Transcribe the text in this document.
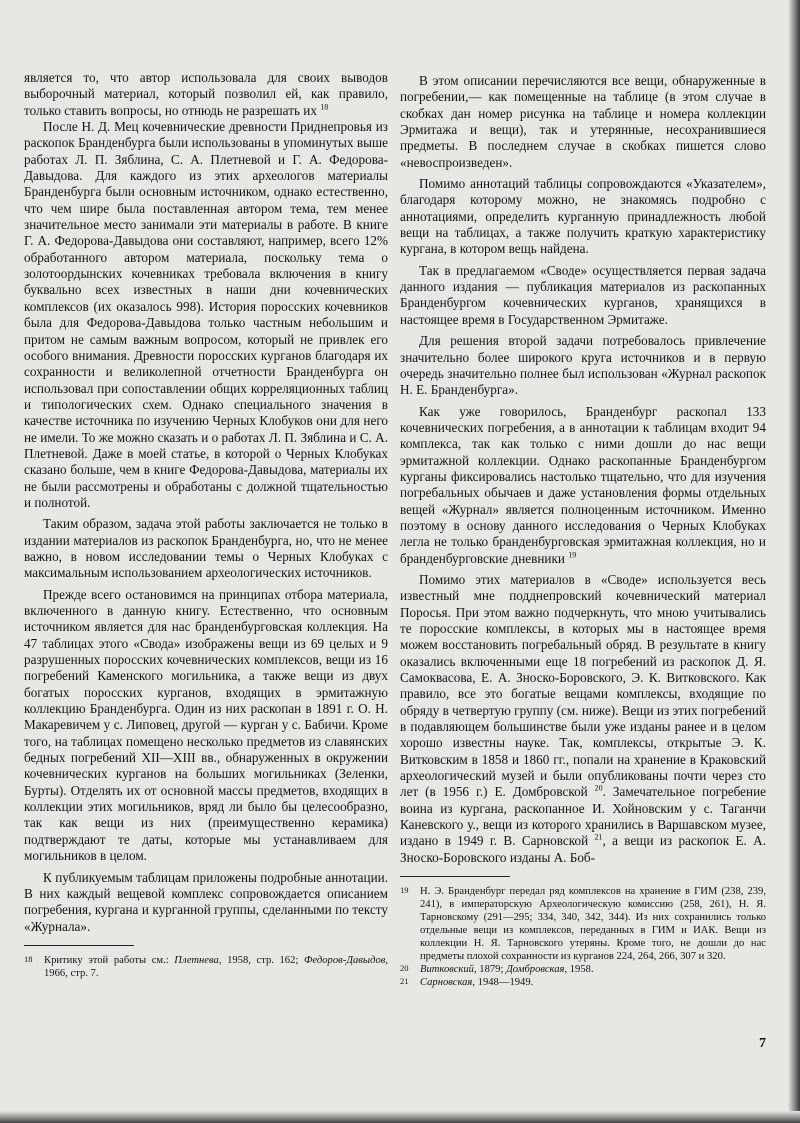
является то, что автор использовала для своих выводов выборочный материал, который позволил ей, как правило, только ставить вопросы, но отнюдь не разрешать их $^{18}$

После Н. Д. Мец кочевнические древности Приднепровья из раскопок Бранденбурга были использованы в упоминутых выше работах Л. П. Зяблина, С. А. Плетневой и Г. А. Федорова-Давыдова. Для каждого из этих археологов материалы Бранденбурга были основным источником, однако естественно, что чем шире была поставленная автором тема, тем менее значительное место занимали эти материалы в работе. В книге Г. А. Федорова-Давыдова они составляют, например, всего 12% обработанного автором материала, поскольку тема о золотоордынских кочевниках требовала включения в книгу буквально всех известных в наши дни кочевнических комплексов (их оказалось 998). История поросских кочевников была для Федорова-Давыдова только частным небольшим и притом не самым важным вопросом, который не привлек его особого внимания. Древности поросских курганов благодаря их сохранности и великолепной отчетности Бранденбурга он использовал при сопоставлении общих корреляционных таблиц и типологических схем. Однако специального значения в качестве источника по изучению Черных Клобуков они для него не имели. То же можно сказать и о работах Л. П. Зяблина и С. А. Плетневой. Даже в моей статье, в которой о Черных Клобуках сказано больше, чем в книге Федорова-Давыдова, материалы их не были рассмотрены и обработаны с должной тщательностью и полнотой.

Таким образом, задача этой работы заключается не только в издании материалов из раскопок Бранденбурга, но, что не менее важно, в новом исследовании темы о Черных Клобуках с максимальным использованием археологических источников.

Прежде всего остановимся на принципах отбора материала, включенного в данную книгу. Естественно, что основным источником является для нас бранденбурговская коллекция. На 47 таблицах этого «Свода» изображены вещи из 69 целых и 9 разрушенных поросских кочевнических комплексов, вещи из 16 погребений Каменского могильника, а также вещи из двух богатых поросских курганов, входящих в эрмитажную коллекцию Бранденбурга. Один из них раскопан в 1891 г. О. Н. Макаревичем у с. Липовец, другой — курган у с. Бабичи. Кроме того, на таблицах помещено несколько предметов из славянских бедных погребений XII—XIII вв., обнаруженных в окружении кочевнических курганов на больших могильниках (Зеленки, Бурты). Отделять их от основной массы предметов, входящих в коллекции этих могильников, вряд ли было бы целесообразно, так как вещи из них (преимущественно керамика) подтверждают те даты, которые мы устанавливаем для могильников в целом.

К публикуемым таблицам приложены подробные аннотации. В них каждый вещевой комплекс сопровождается описанием погребения, кургана и курганной группы, сделанными по тексту «Журнала».

18 Критику этой работы см.: Плетнева, 1958, стр. 162; Федоров-Давыдов, 1966, стр. 7.

В этом описании перечисляются все вещи, обнаруженные в погребении,— как помещенные на таблице (в этом случае в скобках дан номер рисунка на таблице и номера коллекции Эрмитажа и вещи), так и утерянные, несохранившиеся предметы. В последнем случае в скобках пишется слово «невоспроизведен».

Помимо аннотаций таблицы сопровождаются «Указателем», благодаря которому можно, не знакомясь подробно с аннотациями, определить курганную принадлежность любой вещи на таблицах, а также получить краткую характеристику кургана, в котором вещь найдена.

Так в предлагаемом «Своде» осуществляется первая задача данного издания — публикация материалов из раскопанных Бранденбургом кочевнических курганов, хранящихся в настоящее время в Государственном Эрмитаже.

Для решения второй задачи потребовалось привлечение значительно более широкого круга источников и в первую очередь значительно полнее был использован «Журнал раскопок Н. Е. Бранденбурга».

Как уже говорилось, Бранденбург раскопал 133 кочевнических погребения, а в аннотации к таблицам входит 94 комплекса, так как только с ними дошли до нас вещи эрмитажной коллекции. Однако раскопанные Бранденбургом курганы фиксировались настолько тщательно, что для изучения погребальных обычаев и даже установления формы отдельных вещей «Журнал» является полноценным источником. Именно поэтому в основу данного исследования о Черных Клобуках легла не только бранденбурговская эрмитажная коллекция, но и бранденбурговские дневники $^{19}$

Помимо этих материалов в «Своде» используется весь известный мне подднепровский кочевнический материал Поросья. При этом важно подчеркнуть, что мною учитывались те поросские комплексы, в которых мы в настоящее время можем восстановить погребальный обряд. В результате в книгу оказались включенными еще 18 погребений из раскопок Д. Я. Самоквасова, Е. А. Зноско-Боровского, Э. К. Витковского. Как правило, все это богатые вещами комплексы, входящие по обряду в четвертую группу (см. ниже). Вещи из этих погребений в подавляющем большинстве были уже изданы ранее и в целом хорошо известны науке. Так, комплексы, открытые Э. К. Витковским в 1858 и 1860 гг., попали на хранение в Краковский археологический музей и были опубликованы почти через сто лет (в 1956 г.) Е. Домбровской $^{20}$. Замечательное погребение воина из кургана, раскопанное И. Хойновским у с. Таганчи Каневского у., вещи из которого хранились в Варшавском музее, издано в 1949 г. В. Сарновской $^{21}$, а вещи из раскопок Е. А. Зноско-Боровского изданы А. Боб-

19 Н. Э. Бранденбург передал ряд комплексов на хранение в ГИМ (238, 239, 241), в императорскую Археологическую комиссию (258, 261), Н. Я. Тарновскому (291—295; 334, 340, 342, 344). Из них сохранились только отдельные вещи из комплексов, переданных в ГИМ и ИАК. Вещи из коллекции Н. Я. Тарновского утеряны. Кроме того, не дошли до нас предметы плохой сохранности из курганов 224, 264, 266, 307 и 320.
20 Витковский, 1879; Домбровская, 1958.
21 Сарновская, 1948—1949.
7
